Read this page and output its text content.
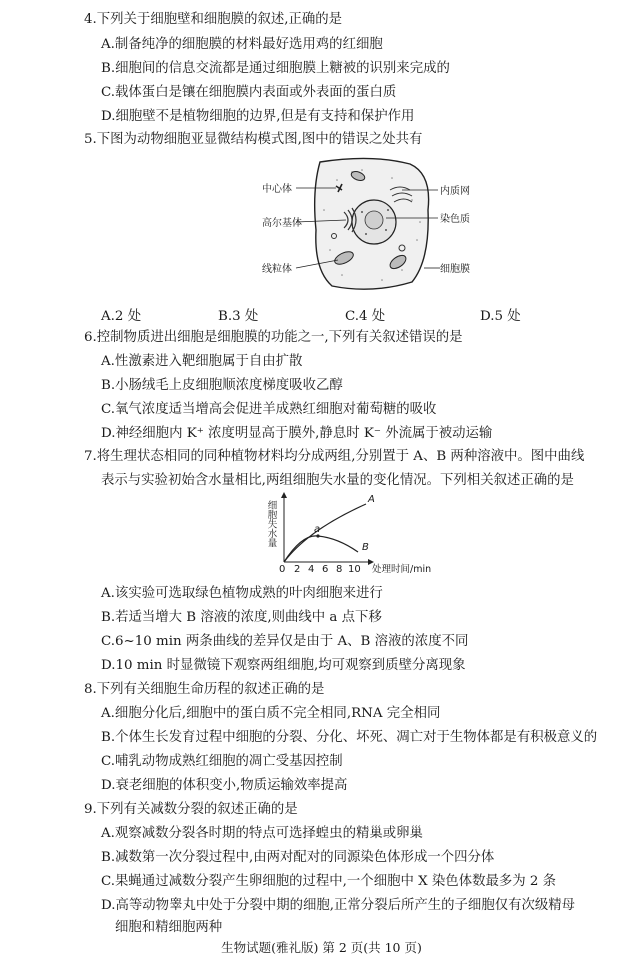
4.下列关于细胞壁和细胞膜的叙述,正确的是
A.制备纯净的细胞膜的材料最好选用鸡的红细胞
B.细胞间的信息交流都是通过细胞膜上糖被的识别来完成的
C.载体蛋白是镶在细胞膜内表面或外表面的蛋白质
D.细胞壁不是植物细胞的边界,但是有支持和保护作用
5.下图为动物细胞亚显微结构模式图,图中的错误之处共有
中心体
高尔基体
线粒体
内质网
染色质
细胞膜
A.2 处	B.3 处	C.4 处	D.5 处
6.控制物质进出细胞是细胞膜的功能之一,下列有关叙述错误的是
A.性激素进入靶细胞属于自由扩散
B.小肠绒毛上皮细胞顺浓度梯度吸收乙醇
C.氧气浓度适当增高会促进羊成熟红细胞对葡萄糖的吸收
D.神经细胞内 K⁺ 浓度明显高于膜外,静息时 K⁻ 外流属于被动运输
7.将生理状态相同的同种植物材料均分成两组,分别置于 A、B 两种溶液中。图中曲线
表示与实验初始含水量相比,两组细胞失水量的变化情况。下列相关叙述正确的是
细胞失水量
0 2 4 6 8 10 处理时间/min
A
B
a
A.该实验可选取绿色植物成熟的叶肉细胞来进行
B.若适当增大 B 溶液的浓度,则曲线中 a 点下移
C.6~10 min 两条曲线的差异仅是由于 A、B 溶液的浓度不同
D.10 min 时显微镜下观察两组细胞,均可观察到质壁分离现象
8.下列有关细胞生命历程的叙述正确的是
A.细胞分化后,细胞中的蛋白质不完全相同,RNA 完全相同
B.个体生长发育过程中细胞的分裂、分化、坏死、凋亡对于生物体都是有积极意义的
C.哺乳动物成熟红细胞的凋亡受基因控制
D.衰老细胞的体积变小,物质运输效率提高
9.下列有关减数分裂的叙述正确的是
A.观察减数分裂各时期的特点可选择蝗虫的精巢或卵巢
B.减数第一次分裂过程中,由两对配对的同源染色体形成一个四分体
C.果蝇通过减数分裂产生卵细胞的过程中,一个细胞中 X 染色体数最多为 2 条
D.高等动物睾丸中处于分裂中期的细胞,正常分裂后所产生的子细胞仅有次级精母
细胞和精细胞两种
生物试题(雅礼版) 第 2 页(共 10 页)
